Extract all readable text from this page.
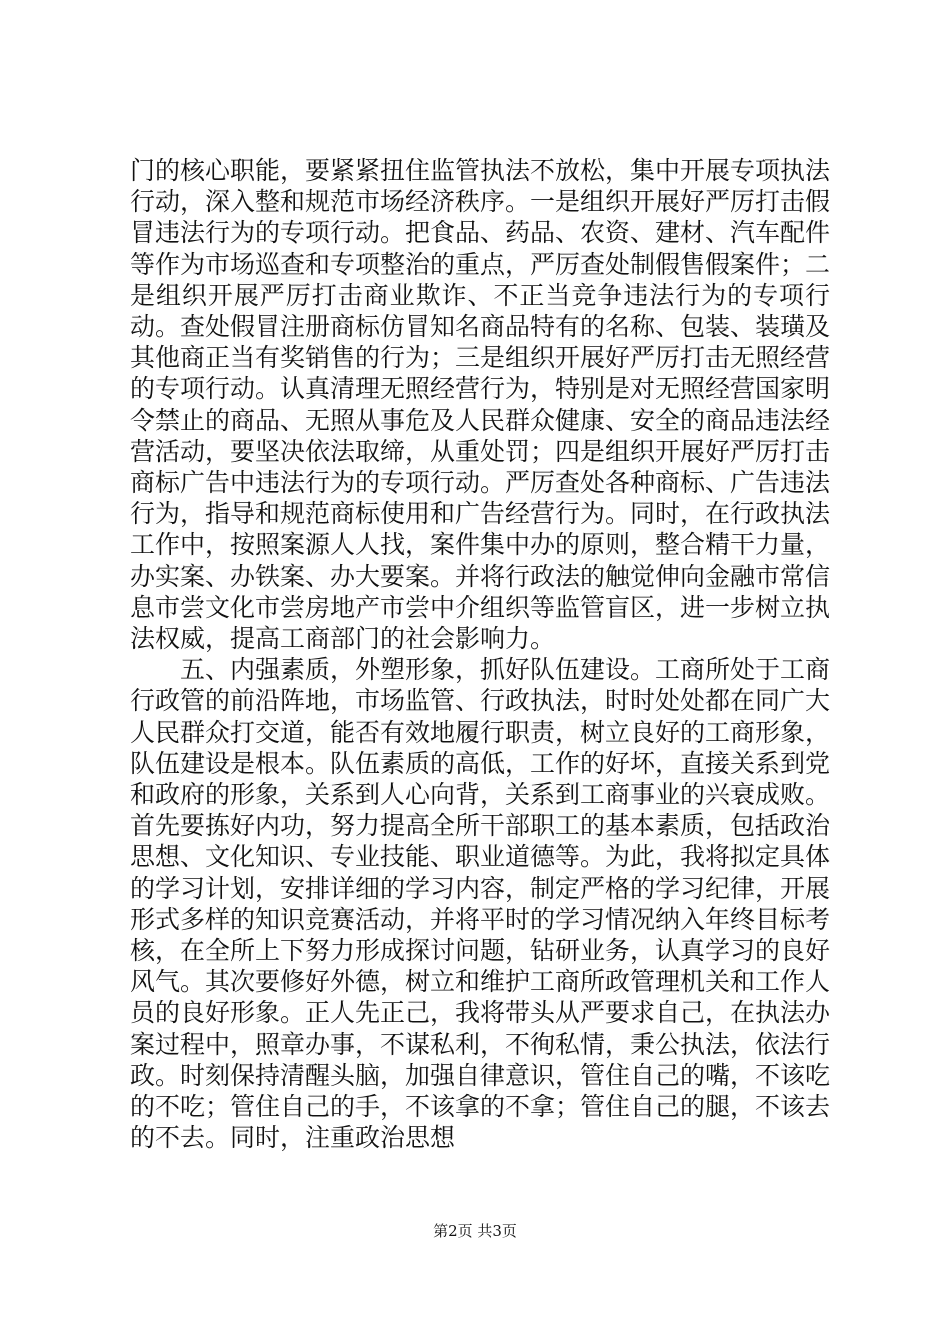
门的核心职能，要紧紧扭住监管执法不放松，集中开展专项执法行动，深入整和规范市场经济秩序。一是组织开展好严厉打击假冒违法行为的专项行动。把食品、药品、农资、建材、汽车配件等作为市场巡查和专项整治的重点，严厉查处制假售假案件；二是组织开展严厉打击商业欺诈、不正当竞争违法行为的专项行动。查处假冒注册商标仿冒知名商品特有的名称、包装、装璜及其他商正当有奖销售的行为；三是组织开展好严厉打击无照经营的专项行动。认真清理无照经营行为，特别是对无照经营国家明令禁止的商品、无照从事危及人民群众健康、安全的商品违法经营活动，要坚决依法取缔，从重处罚；四是组织开展好严厉打击商标广告中违法行为的专项行动。严厉查处各种商标、广告违法行为，指导和规范商标使用和广告经营行为。同时，在行政执法工作中，按照案源人人找，案件集中办的原则，整合精干力量，办实案、办铁案、办大要案。并将行政法的触觉伸向金融市常信息市尝文化市尝房地产市尝中介组织等监管盲区，进一步树立执法权威，提高工商部门的社会影响力。

五、内强素质，外塑形象，抓好队伍建设。工商所处于工商行政管的前沿阵地，市场监管、行政执法，时时处处都在同广大人民群众打交道，能否有效地履行职责，树立良好的工商形象，队伍建设是根本。队伍素质的高低，工作的好坏，直接关系到党和政府的形象，关系到人心向背，关系到工商事业的兴衰成败。首先要拣好内功，努力提高全所干部职工的基本素质，包括政治思想、文化知识、专业技能、职业道德等。为此，我将拟定具体的学习计划，安排详细的学习内容，制定严格的学习纪律，开展形式多样的知识竞赛活动，并将平时的学习情况纳入年终目标考核，在全所上下努力形成探讨问题，钻研业务，认真学习的良好风气。其次要修好外德，树立和维护工商所政管理机关和工作人员的良好形象。正人先正己，我将带头从严要求自己，在执法办案过程中，照章办事，不谋私利，不徇私情，秉公执法，依法行政。时刻保持清醒头脑，加强自律意识，管住自己的嘴，不该吃的不吃；管住自己的手，不该拿的不拿；管住自己的腿，不该去的不去。同时，注重政治思想

第2页 共3页
